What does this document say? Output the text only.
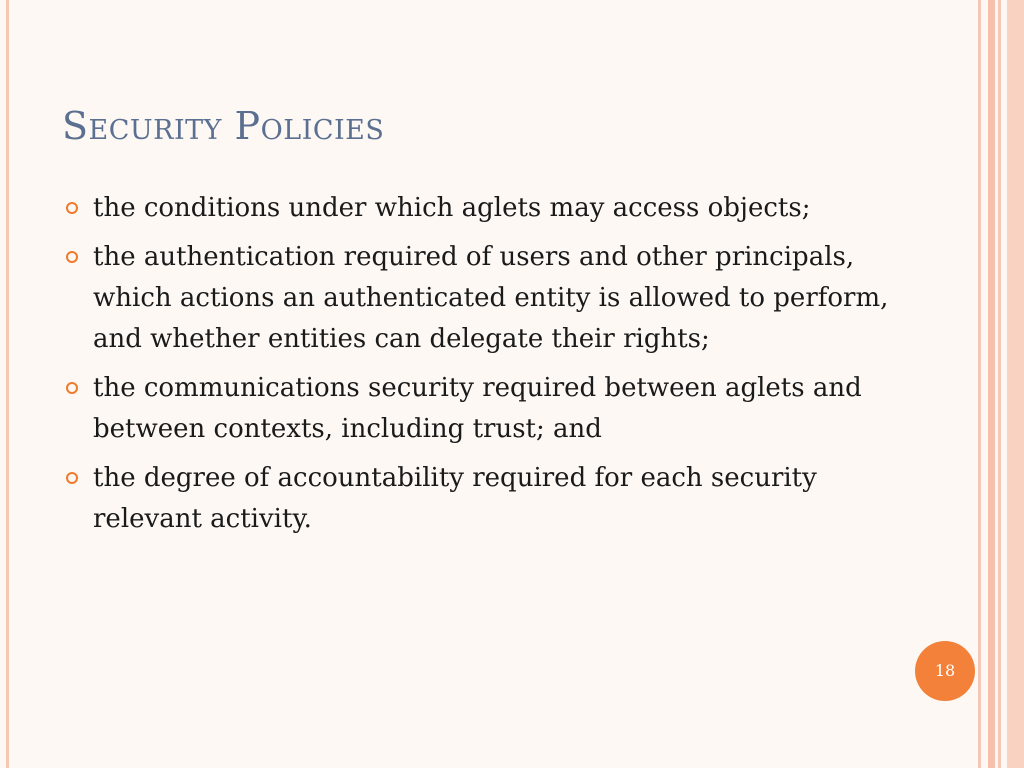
Security Policies
the conditions under which aglets may access objects;
the authentication required of users and other principals, which actions an authenticated entity is allowed to perform, and whether entities can delegate their rights;
the communications security required between aglets and between contexts, including trust; and
the degree of accountability required for each security relevant activity.
18
